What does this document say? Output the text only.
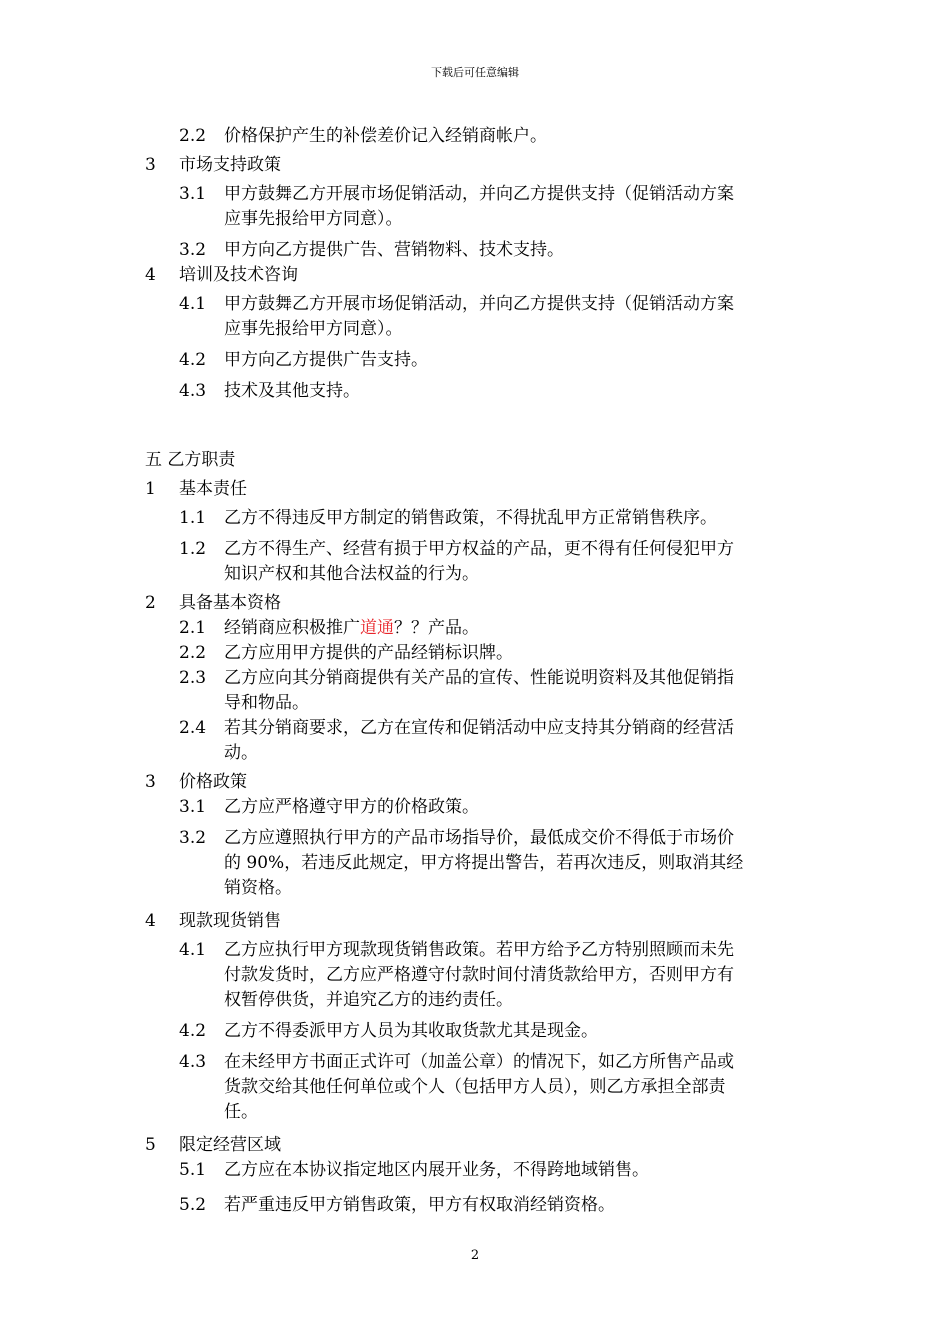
下载后可任意编辑
2.2	价格保护产生的补偿差价记入经销商帐户。
3	市场支持政策
3.1	甲方鼓舞乙方开展市场促销活动，并向乙方提供支持（促销活动方案
应事先报给甲方同意）。
3.2	甲方向乙方提供广告、营销物料、技术支持。
4	培训及技术咨询
4.1	甲方鼓舞乙方开展市场促销活动，并向乙方提供支持（促销活动方案
应事先报给甲方同意）。
4.2	甲方向乙方提供广告支持。
4.3	技术及其他支持。
五 乙方职责
1	基本责任
1.1	乙方不得违反甲方制定的销售政策，不得扰乱甲方正常销售秩序。
1.2	乙方不得生产、经营有损于甲方权益的产品，更不得有任何侵犯甲方
知识产权和其他合法权益的行为。
2	具备基本资格
2.1	经销商应积极推广道通？？产品。
2.2	乙方应用甲方提供的产品经销标识牌。
2.3	乙方应向其分销商提供有关产品的宣传、性能说明资料及其他促销指
导和物品。
2.4	若其分销商要求，乙方在宣传和促销活动中应支持其分销商的经营活
动。
3	价格政策
3.1	乙方应严格遵守甲方的价格政策。
3.2	乙方应遵照执行甲方的产品市场指导价，最低成交价不得低于市场价
的 90%，若违反此规定，甲方将提出警告，若再次违反，则取消其经
销资格。
4	现款现货销售
4.1	乙方应执行甲方现款现货销售政策。若甲方给予乙方特别照顾而未先
付款发货时，乙方应严格遵守付款时间付清货款给甲方，否则甲方有
权暂停供货，并追究乙方的违约责任。
4.2	乙方不得委派甲方人员为其收取货款尤其是现金。
4.3	在未经甲方书面正式许可（加盖公章）的情况下，如乙方所售产品或
货款交给其他任何单位或个人（包括甲方人员），则乙方承担全部责
任。
5	限定经营区域
5.1	乙方应在本协议指定地区内展开业务，不得跨地域销售。
5.2	若严重违反甲方销售政策，甲方有权取消经销资格。
2
